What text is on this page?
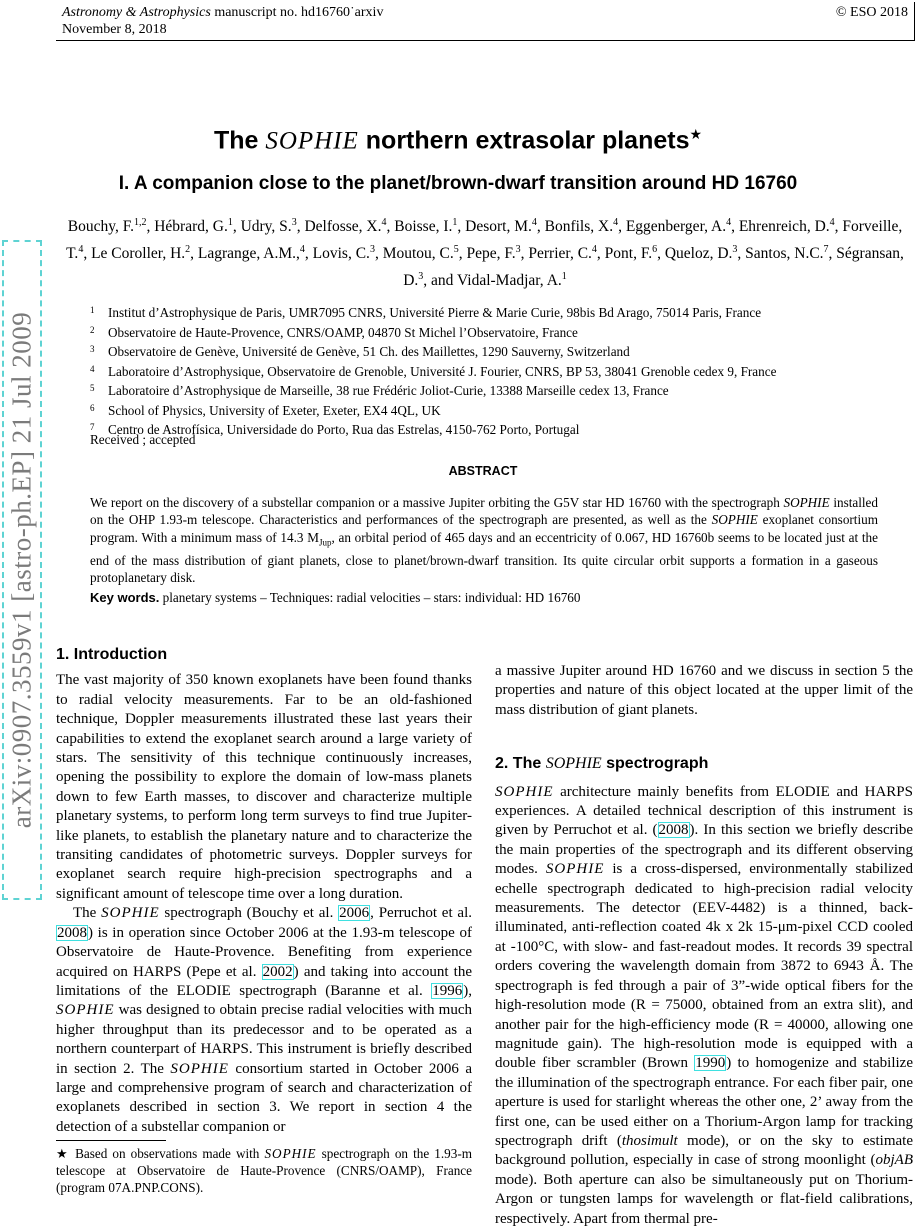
Astronomy & Astrophysics manuscript no. hd16760˙arxiv
November 8, 2018
© ESO 2018
arXiv:0907.3559v1 [astro-ph.EP] 21 Jul 2009
The SOPHIE northern extrasolar planets★
I. A companion close to the planet/brown-dwarf transition around HD 16760
Bouchy, F.$^{1,2}$, Hébrard, G.$^1$, Udry, S.$^3$, Delfosse, X.$^4$, Boisse, I.$^1$, Desort, M.$^4$, Bonfils, X.$^4$, Eggenberger, A.$^4$, Ehrenreich, D.$^4$, Forveille, T.$^4$, Le Coroller, H.$^2$, Lagrange, A.M.,$^4$, Lovis, C.$^3$, Moutou, C.$^5$, Pepe, F.$^3$, Perrier, C.$^4$, Pont, F.$^6$, Queloz, D.$^3$, Santos, N.C.$^7$, Ségransan, D.$^3$, and Vidal-Madjar, A.$^1$
$^1$ Institut d’Astrophysique de Paris, UMR7095 CNRS, Université Pierre & Marie Curie, 98bis Bd Arago, 75014 Paris, France
$^2$ Observatoire de Haute-Provence, CNRS/OAMP, 04870 St Michel l’Observatoire, France
$^3$ Observatoire de Genève, Université de Genève, 51 Ch. des Maillettes, 1290 Sauverny, Switzerland
$^4$ Laboratoire d’Astrophysique, Observatoire de Grenoble, Université J. Fourier, CNRS, BP 53, 38041 Grenoble cedex 9, France
$^5$ Laboratoire d’Astrophysique de Marseille, 38 rue Frédéric Joliot-Curie, 13388 Marseille cedex 13, France
$^6$ School of Physics, University of Exeter, Exeter, EX4 4QL, UK
$^7$ Centro de Astrofísica, Universidade do Porto, Rua das Estrelas, 4150-762 Porto, Portugal
Received ; accepted
ABSTRACT
We report on the discovery of a substellar companion or a massive Jupiter orbiting the G5V star HD 16760 with the spectrograph SOPHIE installed on the OHP 1.93-m telescope. Characteristics and performances of the spectrograph are presented, as well as the SOPHIE exoplanet consortium program. With a minimum mass of 14.3 $M_{Jup}$, an orbital period of 465 days and an eccentricity of 0.067, HD 16760b seems to be located just at the end of the mass distribution of giant planets, close to planet/brown-dwarf transition. Its quite circular orbit supports a formation in a gaseous protoplanetary disk.
Key words. planetary systems – Techniques: radial velocities – stars: individual: HD 16760
1. Introduction

The vast majority of 350 known exoplanets have been found thanks to radial velocity measurements. Far to be an old-fashioned technique, Doppler measurements illustrated these last years their capabilities to extend the exoplanet search around a large variety of stars. The sensitivity of this technique continuously increases, opening the possibility to explore the domain of low-mass planets down to few Earth masses, to discover and characterize multiple planetary systems, to perform long term surveys to find true Jupiter-like planets, to establish the planetary nature and to characterize the transiting candidates of photometric surveys. Doppler surveys for exoplanet search require high-precision spectrographs and a significant amount of telescope time over a long duration.

The SOPHIE spectrograph (Bouchy et al. 2006, Perruchot et al. 2008) is in operation since October 2006 at the 1.93-m telescope of Observatoire de Haute-Provence. Benefiting from experience acquired on HARPS (Pepe et al. 2002) and taking into account the limitations of the ELODIE spectrograph (Baranne et al. 1996), SOPHIE was designed to obtain precise radial velocities with much higher throughput than its predecessor and to be operated as a northern counterpart of HARPS. This instrument is briefly described in section 2. The SOPHIE consortium started in October 2006 a large and comprehensive program of search and characterization of exoplanets described in section 3. We report in section 4 the detection of a substellar companion or

★ Based on observations made with SOPHIE spectrograph on the 1.93-m telescope at Observatoire de Haute-Provence (CNRS/OAMP), France (program 07A.PNP.CONS).

a massive Jupiter around HD 16760 and we discuss in section 5 the properties and nature of this object located at the upper limit of the mass distribution of giant planets.

2. The SOPHIE spectrograph

SOPHIE architecture mainly benefits from ELODIE and HARPS experiences. A detailed technical description of this instrument is given by Perruchot et al. (2008). In this section we briefly describe the main properties of the spectrograph and its different observing modes. SOPHIE is a cross-dispersed, environmentally stabilized echelle spectrograph dedicated to high-precision radial velocity measurements. The detector (EEV-4482) is a thinned, back-illuminated, anti-reflection coated 4k x 2k 15-μm-pixel CCD cooled at -100°C, with slow- and fast-readout modes. It records 39 spectral orders covering the wavelength domain from 3872 to 6943 Å. The spectrograph is fed through a pair of 3”-wide optical fibers for the high-resolution mode (R = 75000, obtained from an extra slit), and another pair for the high-efficiency mode (R = 40000, allowing one magnitude gain). The high-resolution mode is equipped with a double fiber scrambler (Brown 1990) to homogenize and stabilize the illumination of the spectrograph entrance. For each fiber pair, one aperture is used for starlight whereas the other one, 2’ away from the first one, can be used either on a Thorium-Argon lamp for tracking spectrograph drift (thosimult mode), or on the sky to estimate background pollution, especially in case of strong moonlight (objAB mode). Both aperture can also be simultaneously put on Thorium-Argon or tungsten lamps for wavelength or flat-field calibrations, respectively. Apart from thermal pre-
